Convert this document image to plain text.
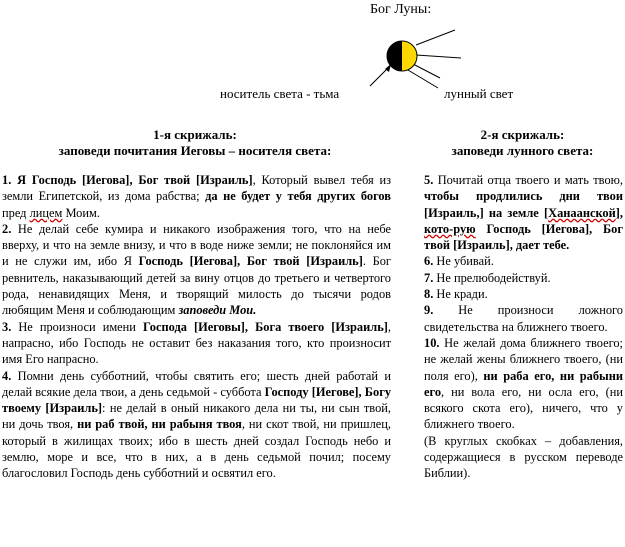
Бог Луны:
носитель света - тьма	лунный свет
1-я скрижаль:
заповеди почитания Иеговы – носителя света:
2-я скрижаль:
заповеди лунного света:

1. Я Господь [Иегова], Бог твой [Израиль], Который вывел тебя из земли Египетской, из дома рабства; да не будет у тебя других богов пред лицем Моим.

2. Не делай себе кумира и никакого изображения того, что на небе вверху, и что на земле внизу, и что в воде ниже земли; не поклоняйся им и не служи им, ибо Я Господь [Иегова], Бог твой [Израиль]. Бог ревнитель, наказывающий детей за вину отцов до третьего и четвертого рода, ненавидящих Меня, и творящий милость до тысячи родов любящим Меня и соблюдающим заповеди Мои.

3. Не произноси имени Господа [Иеговы], Бога твоего [Израиль], напрасно, ибо Господь не оставит без наказания того, кто произносит имя Его напрасно.

4. Помни день субботний, чтобы святить его; шесть дней работай и делай всякие дела твои, а день седьмой - суббота Господу [Иегове], Богу твоему [Израиль]: не делай в оный никакого дела ни ты, ни сын твой, ни дочь твоя, ни раб твой, ни рабыня твоя, ни скот твой, ни пришлец, который в жилищах твоих; ибо в шесть дней создал Господь небо и землю, море и все, что в них, а в день седьмой почил; посему благословил Господь день субботний и освятил его.

5. Почитай отца твоего и мать твою, чтобы продлились дни твои [Израиль,] на земле [Ханаанской], кото-рую Господь [Иегова], Бог твой [Израиль], дает тебе.

6. Не убивай.

7. Не прелюбодействуй.

8. Не кради.

9. Не произноси ложного свидетельства на ближнего твоего.

10. Не желай дома ближнего твоего; не желай жены ближнего твоего, (ни поля его), ни раба его, ни рабыни его, ни вола его, ни осла его, (ни всякого скота его), ничего, что у ближнего твоего.

(В круглых скобках – добавления, содержащиеся в русском переводе Библии).
